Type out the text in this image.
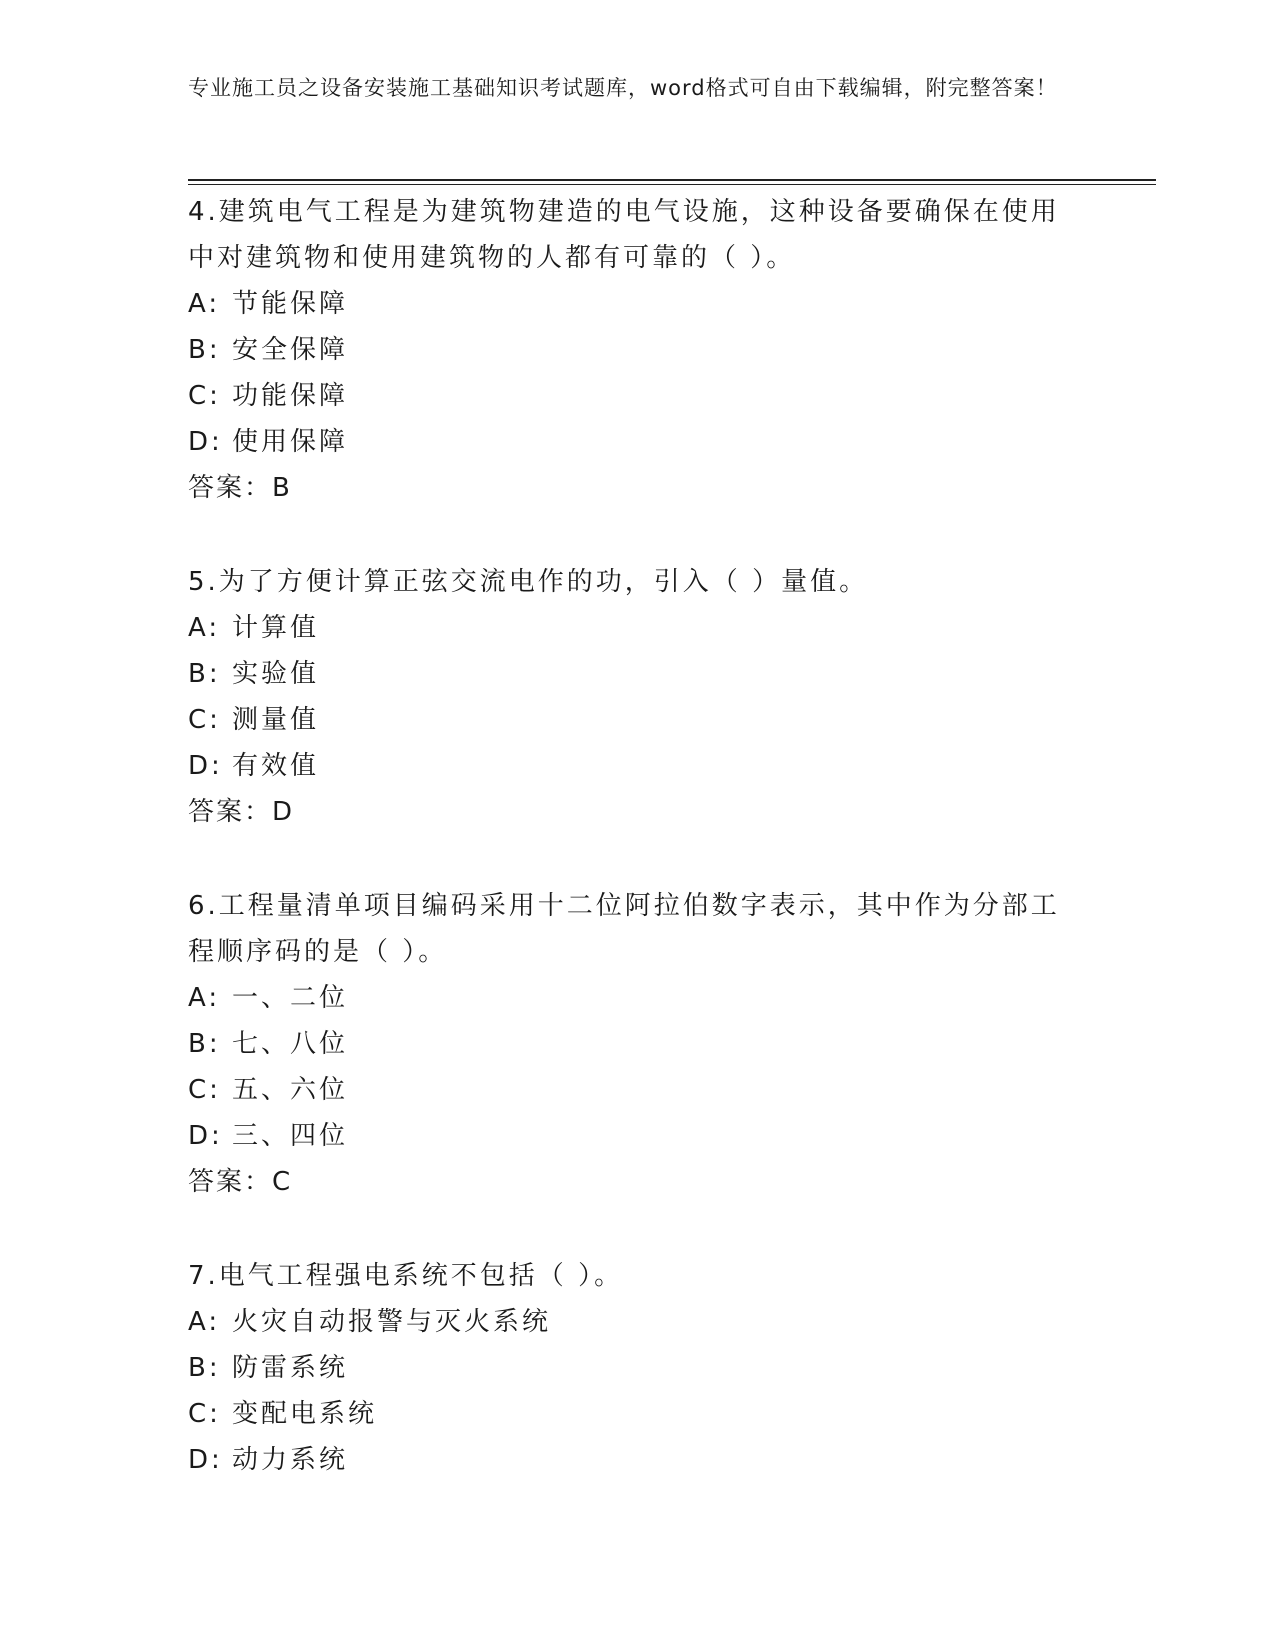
专业施工员之设备安装施工基础知识考试题库，word格式可自由下载编辑，附完整答案！

4.建筑电气工程是为建筑物建造的电气设施，这种设备要确保在使用中对建筑物和使用建筑物的人都有可靠的（ ）。

A: 节能保障

B: 安全保障

C: 功能保障

D: 使用保障

答案：B

5.为了方便计算正弦交流电作的功，引入（ ）量值。

A: 计算值

B: 实验值

C: 测量值

D: 有效值

答案：D

6.工程量清单项目编码采用十二位阿拉伯数字表示，其中作为分部工程顺序码的是（ ）。

A: 一、二位

B: 七、八位

C: 五、六位

D: 三、四位

答案：C

7.电气工程强电系统不包括（ ）。

A: 火灾自动报警与灭火系统

B: 防雷系统

C: 变配电系统

D: 动力系统
